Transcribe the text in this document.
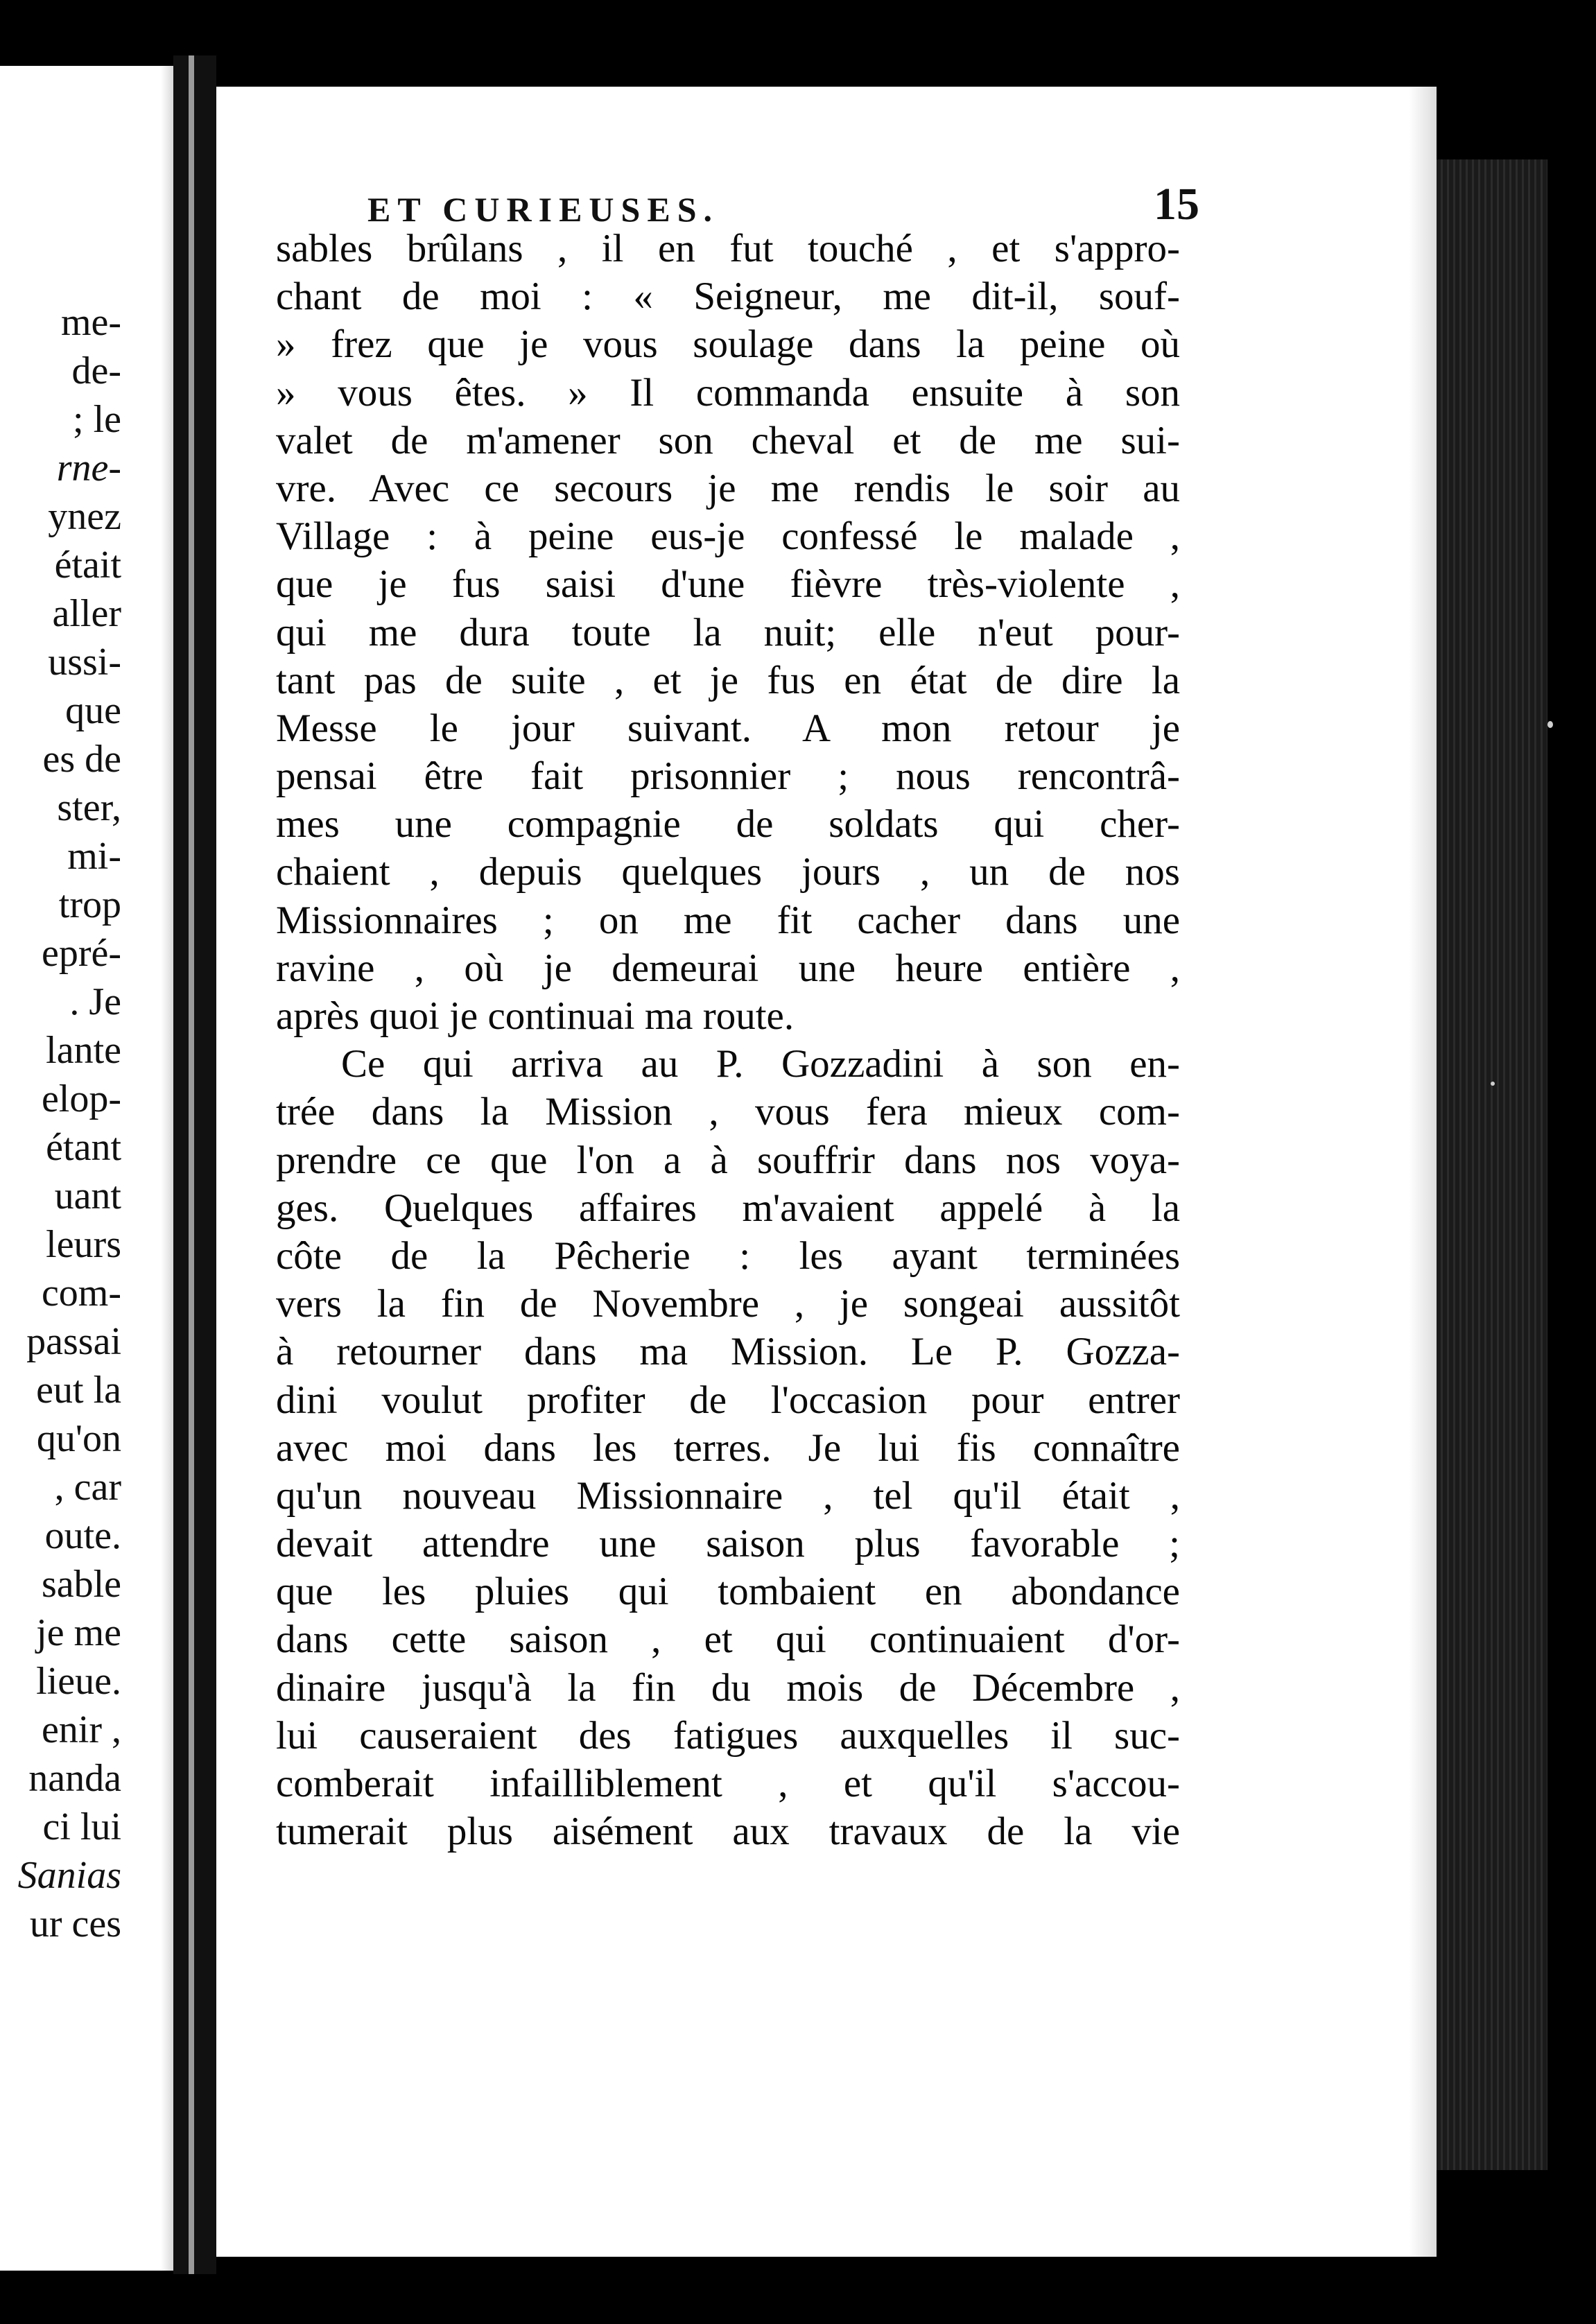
me-
de-
; le
rne-
ynez
était
aller
ussi-
que
es de
ster,
mi-
trop
epré-
. Je
lante
elop-
étant
uant
leurs
com-
passai
eut la
qu'on
, car
oute.
sable
je me
lieue.
enir ,
nanda
ci lui
Sanias
ur ces
ET CURIEUSES.	15
sables brûlans , il en fut touché , et s'appro-
chant de moi : « Seigneur, me dit-il, souf-
» frez que je vous soulage dans la peine où
» vous êtes. » Il commanda ensuite à son
valet de m'amener son cheval et de me sui-
vre. Avec ce secours je me rendis le soir au
Village : à peine eus-je confessé le malade ,
que je fus saisi d'une fièvre très-violente ,
qui me dura toute la nuit; elle n'eut pour-
tant pas de suite , et je fus en état de dire la
Messe le jour suivant. A mon retour je
pensai être fait prisonnier ; nous rencontrâ-
mes une compagnie de soldats qui cher-
chaient , depuis quelques jours , un de nos
Missionnaires ; on me fit cacher dans une
ravine , où je demeurai une heure entière ,
après quoi je continuai ma route.
Ce qui arriva au P. Gozzadini à son en-
trée dans la Mission , vous fera mieux com-
prendre ce que l'on a à souffrir dans nos voya-
ges. Quelques affaires m'avaient appelé à la
côte de la Pêcherie : les ayant terminées
vers la fin de Novembre , je songeai aussitôt
à retourner dans ma Mission. Le P. Gozza-
dini voulut profiter de l'occasion pour entrer
avec moi dans les terres. Je lui fis connaître
qu'un nouveau Missionnaire , tel qu'il était ,
devait attendre une saison plus favorable ;
que les pluies qui tombaient en abondance
dans cette saison , et qui continuaient d'or-
dinaire jusqu'à la fin du mois de Décembre ,
lui causeraient des fatigues auxquelles il suc-
comberait infailliblement , et qu'il s'accou-
tumerait plus aisément aux travaux de la vie
